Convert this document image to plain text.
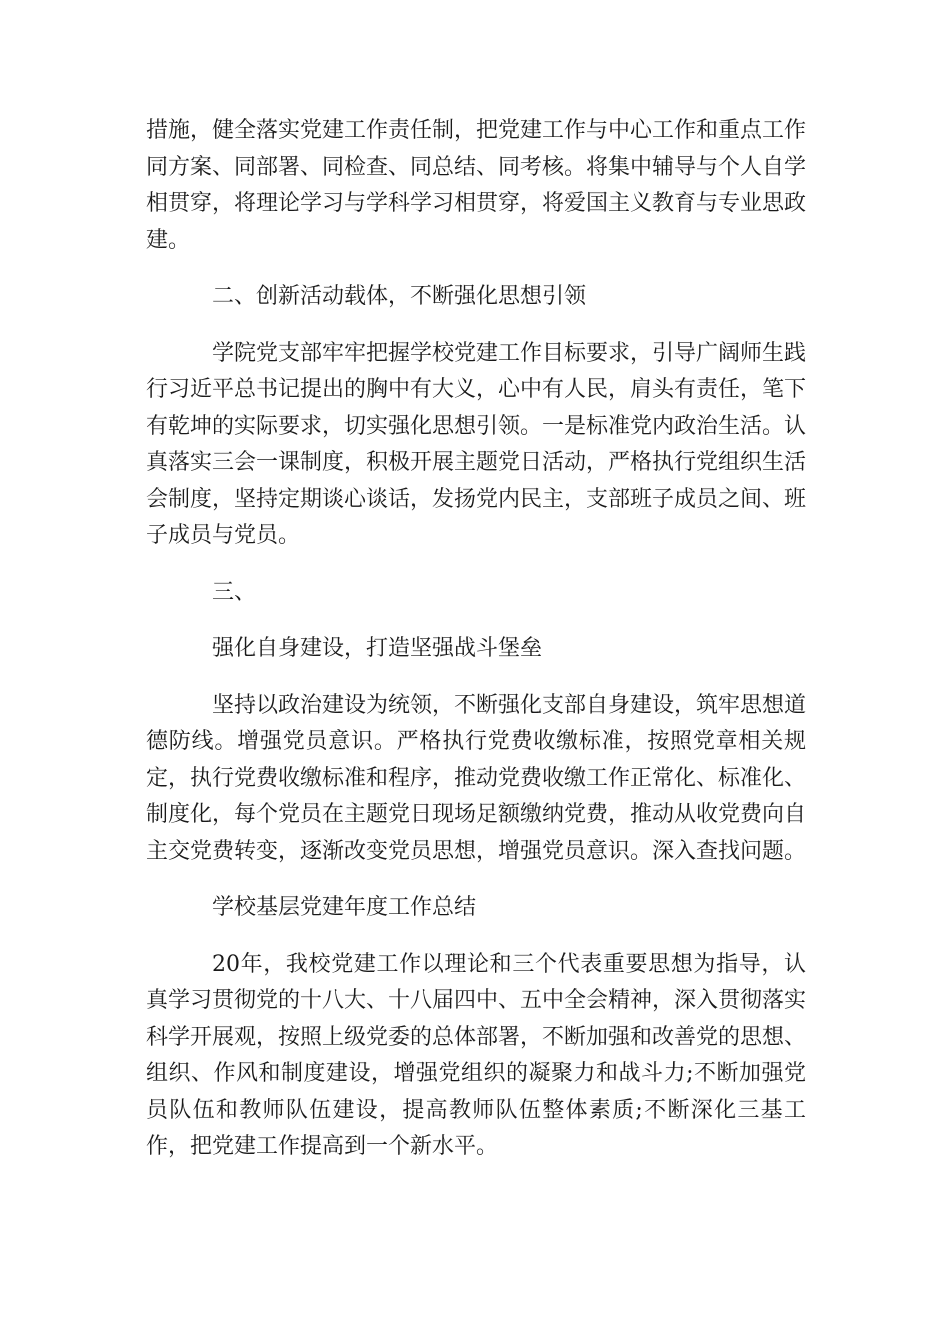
措施，健全落实党建工作责任制，把党建工作与中心工作和重点工作同方案、同部署、同检查、同总结、同考核。将集中辅导与个人自学相贯穿，将理论学习与学科学习相贯穿，将爱国主义教育与专业思政建。

二、创新活动载体，不断强化思想引领

学院党支部牢牢把握学校党建工作目标要求，引导广阔师生践行习近平总书记提出的胸中有大义，心中有人民，肩头有责任，笔下有乾坤的实际要求，切实强化思想引领。一是标准党内政治生活。认真落实三会一课制度，积极开展主题党日活动，严格执行党组织生活会制度，坚持定期谈心谈话，发扬党内民主，支部班子成员之间、班子成员与党员。

三、

强化自身建设，打造坚强战斗堡垒

坚持以政治建设为统领，不断强化支部自身建设，筑牢思想道德防线。增强党员意识。严格执行党费收缴标准，按照党章相关规定，执行党费收缴标准和程序，推动党费收缴工作正常化、标准化、制度化，每个党员在主题党日现场足额缴纳党费，推动从收党费向自主交党费转变，逐渐改变党员思想，增强党员意识。深入查找问题。

学校基层党建年度工作总结

20年，我校党建工作以理论和三个代表重要思想为指导，认真学习贯彻党的十八大、十八届四中、五中全会精神，深入贯彻落实科学开展观，按照上级党委的总体部署，不断加强和改善党的思想、组织、作风和制度建设，增强党组织的凝聚力和战斗力;不断加强党员队伍和教师队伍建设，提高教师队伍整体素质;不断深化三基工作，把党建工作提高到一个新水平。
